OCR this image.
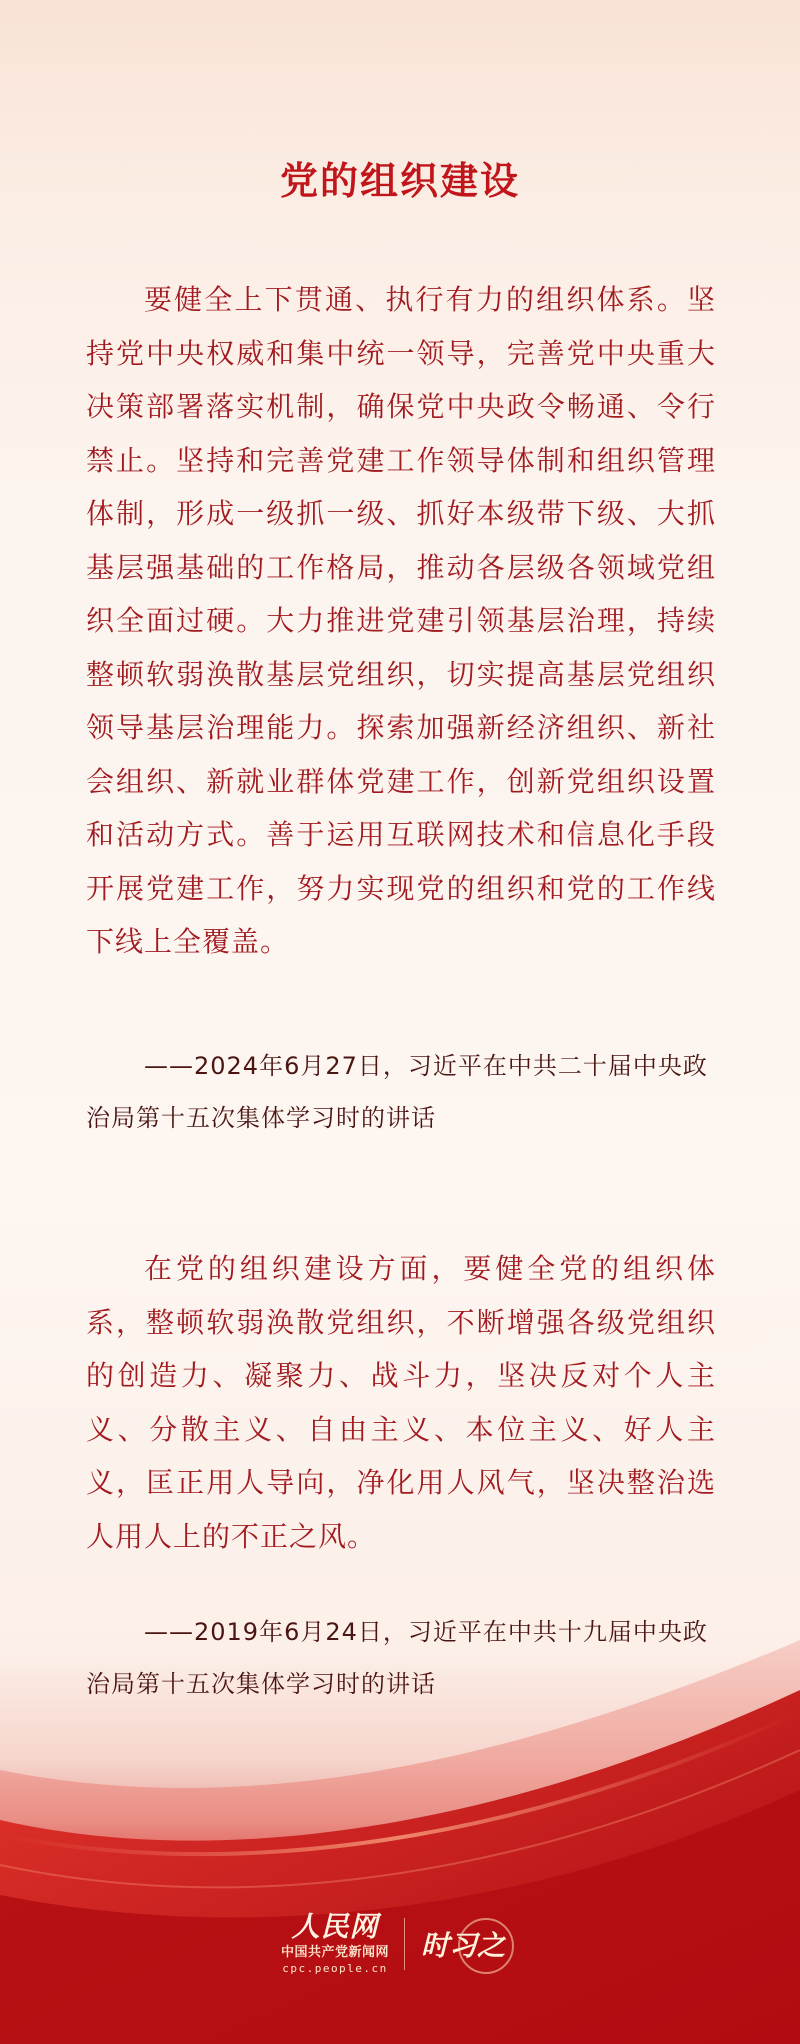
党的组织建设

要健全上下贯通、执行有力的组织体系。坚持党中央权威和集中统一领导，完善党中央重大决策部署落实机制，确保党中央政令畅通、令行禁止。坚持和完善党建工作领导体制和组织管理体制，形成一级抓一级、抓好本级带下级、大抓基层强基础的工作格局，推动各层级各领域党组织全面过硬。大力推进党建引领基层治理，持续整顿软弱涣散基层党组织，切实提高基层党组织领导基层治理能力。探索加强新经济组织、新社会组织、新就业群体党建工作，创新党组织设置和活动方式。善于运用互联网技术和信息化手段开展党建工作，努力实现党的组织和党的工作线下线上全覆盖。

——2024年6月27日，习近平在中共二十届中央政治局第十五次集体学习时的讲话

在党的组织建设方面，要健全党的组织体系，整顿软弱涣散党组织，不断增强各级党组织的创造力、凝聚力、战斗力，坚决反对个人主义、分散主义、自由主义、本位主义、好人主义，匡正用人导向，净化用人风气，坚决整治选人用人上的不正之风。

——2019年6月24日，习近平在中共十九届中央政治局第十五次集体学习时的讲话

人民网
中国共产党新闻网
cpc.people.cn
时习之
